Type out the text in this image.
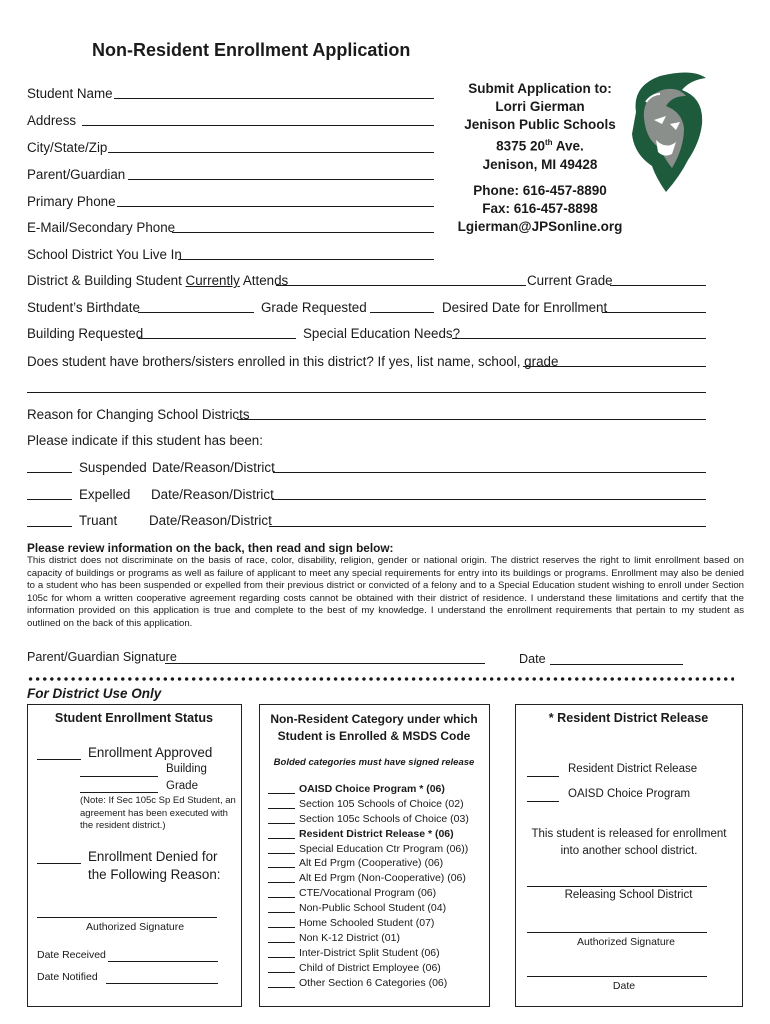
Non-Resident Enrollment Application
Student Name
Address
City/State/Zip
Parent/Guardian
Primary Phone
E-Mail/Secondary Phone
School District You Live In
Submit Application to:
Lorri Gierman
Jenison Public Schools
8375 20th Ave.
Jenison, MI 49428
Phone: 616-457-8890
Fax: 616-457-8898
Lgierman@JPSonline.org
District & Building Student Currently Attends	Current Grade
Student’s Birthdate	Grade Requested	Desired Date for Enrollment
Building Requested	Special Education Needs?
Does student have brothers/sisters enrolled in this district? If yes, list name, school, grade
Reason for Changing School Districts
Please indicate if this student has been:
Suspended Date/Reason/District
Expelled Date/Reason/District
Truant Date/Reason/District
Please review information on the back, then read and sign below:
This district does not discriminate on the basis of race, color, disability, religion, gender or national origin. The district reserves the right to limit enrollment based on capacity of buildings or programs as well as failure of applicant to meet any special requirements for entry into its buildings or programs. Enrollment may also be denied to a student who has been suspended or expelled from their previous district or convicted of a felony and to a Special Education student wishing to enroll under Section 105c for whom a written cooperative agreement regarding costs cannot be obtained with their district of residence. I understand these limitations and certify that the information provided on this application is true and complete to the best of my knowledge. I understand the enrollment requirements that pertain to my student as outlined on the back of this application.
Parent/Guardian Signature	Date
For District Use Only
Student Enrollment Status
Enrollment Approved
Building
Grade
(Note: If Sec 105c Sp Ed Student, an agreement has been executed with the resident district.)
Enrollment Denied for the Following Reason:
Authorized Signature
Date Received
Date Notified
Non-Resident Category under which
Student is Enrolled & MSDS Code
Bolded categories must have signed release
OAISD Choice Program * (06)
Section 105 Schools of Choice (02)
Section 105c Schools of Choice (03)
Resident District Release * (06)
Special Education Ctr Program (06))
Alt Ed Prgm (Cooperative) (06)
Alt Ed Prgm (Non-Cooperative) (06)
CTE/Vocational Program (06)
Non-Public School Student (04)
Home Schooled Student (07)
Non K-12 District (01)
Inter-District Split Student (06)
Child of District Employee (06)
Other Section 6 Categories (06)
* Resident District Release
Resident District Release
OAISD Choice Program
This student is released for enrollment into another school district.
Releasing School District
Authorized Signature
Date
